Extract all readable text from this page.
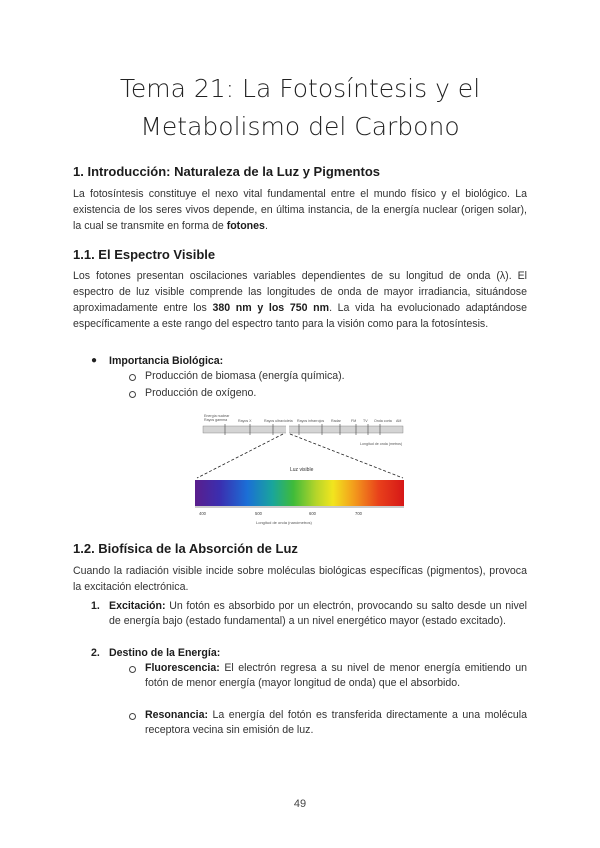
Tema 21: La Fotosíntesis y el
Metabolismo del Carbono
1. Introducción: Naturaleza de la Luz y Pigmentos
La fotosíntesis constituye el nexo vital fundamental entre el mundo físico y el biológico. La existencia de los seres vivos depende, en última instancia, de la energía nuclear (origen solar), la cual se transmite en forma de fotones.
1.1. El Espectro Visible
Los fotones presentan oscilaciones variables dependientes de su longitud de onda (λ). El espectro de luz visible comprende las longitudes de onda de mayor irradiancia, situándose aproximadamente entre los 380 nm y los 750 nm. La vida ha evolucionado adaptándose específicamente a este rango del espectro tanto para la visión como para la fotosíntesis.
● Importancia Biológica:
Producción de biomasa (energía química).
Producción de oxígeno.
Energía nuclear
Rayos gamma	Rayos X	Rayos ultravioleta Rayos infrarrojos Radar	FM TV Onda corta AM
Longitud de onda (metros)
Luz visible
400	500	600	700
Longitud de onda (nanómetros)
1.2. Biofísica de la Absorción de Luz
Cuando la radiación visible incide sobre moléculas biológicas específicas (pigmentos), provoca la excitación electrónica.
1. Excitación: Un fotón es absorbido por un electrón, provocando su salto desde un nivel de energía bajo (estado fundamental) a un nivel energético mayor (estado excitado).
2. Destino de la Energía:
Fluorescencia: El electrón regresa a su nivel de menor energía emitiendo un fotón de menor energía (mayor longitud de onda) que el absorbido.
Resonancia: La energía del fotón es transferida directamente a una molécula receptora vecina sin emisión de luz.
49
